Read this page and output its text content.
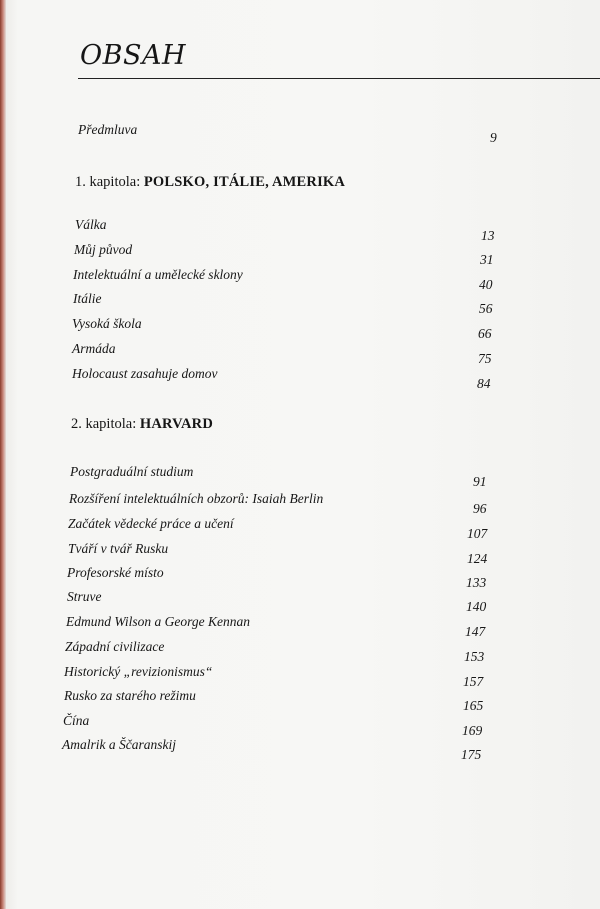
OBSAH
Předmluva
9
1. kapitola: POLSKO, ITÁLIE, AMERIKA
Válka
13
Můj původ
31
Intelektuální a umělecké sklony
40
Itálie
56
Vysoká škola
66
Armáda
75
Holocaust zasahuje domov
84
2. kapitola: HARVARD
Postgraduální studium
91
Rozšíření intelektuálních obzorů: Isaiah Berlin
96
Začátek vědecké práce a učení
107
Tváří v tvář Rusku
124
Profesorské místo
133
Struve
140
Edmund Wilson a George Kennan
147
Západní civilizace
153
Historický „revizionismus“
157
Rusko za starého režimu
165
Čína
169
Amalrik a Ščaranskij
175
